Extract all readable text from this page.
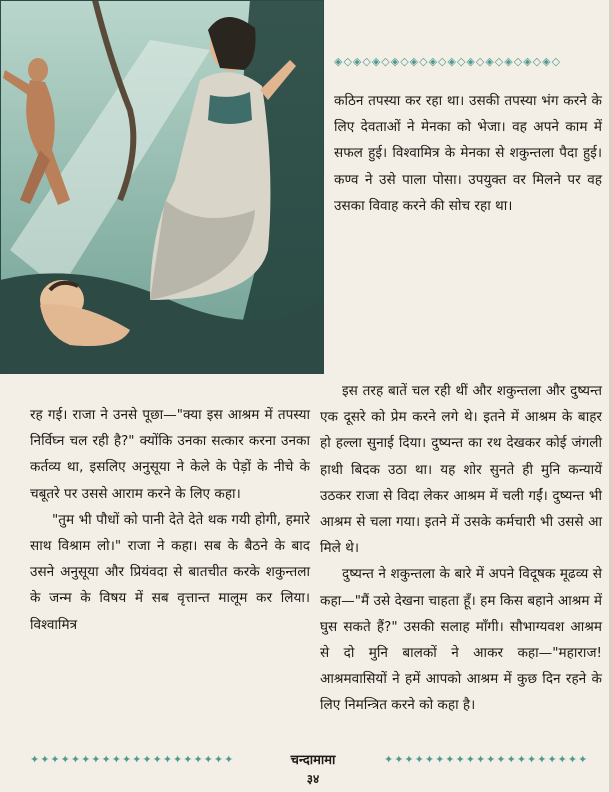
◈◇◈◇◈◇◈◇◈◇◈◇◈◇◈◇◈◇◈◇◈◇◈◇

कठिन तपस्या कर रहा था। उसकी तपस्या भंग करने के लिए देवताओं ने मेनका को भेजा। वह अपने काम में सफल हुई। विश्वामित्र के मेनका से शकुन्तला पैदा हुई। कण्व ने उसे पाला पोसा। उपयुक्त वर मिलने पर वह उसका विवाह करने की सोच रहा था।

इस तरह बातें चल रही थीं और शकुन्तला और दुष्यन्त एक दूसरे को प्रेम करने लगे थे। इतने में आश्रम के बाहर हो हल्ला सुनाई दिया। दुष्यन्त का रथ देखकर कोई जंगली हाथी बिदक उठा था। यह शोर सुनते ही मुनि कन्यायें उठकर राजा से विदा लेकर आश्रम में चली गईं। दुष्यन्त भी आश्रम से चला गया। इतने में उसके कर्मचारी भी उससे आ मिले थे।

दुष्यन्त ने शकुन्तला के बारे में अपने विदूषक मूढव्य से कहा—"मैं उसे देखना चाहता हूँ। हम किस बहाने आश्रम में घुस सकते हैं?" उसकी सलाह माँगी। सौभाग्यवश आश्रम से दो मुनि बालकों ने आकर कहा—"महाराज! आश्रमवासियों ने हमें आपको आश्रम में कुछ दिन रहने के लिए निमन्त्रित करने को कहा है।

रह गई। राजा ने उनसे पूछा—"क्या इस आश्रम में तपस्या निर्विघ्न चल रही है?" क्योंकि उनका सत्कार करना उनका कर्तव्य था, इसलिए अनुसूया ने केले के पेड़ों के नीचे के चबूतरे पर उससे आराम करने के लिए कहा।

"तुम भी पौधों को पानी देते देते थक गयी होगी, हमारे साथ विश्राम लो।" राजा ने कहा। सब के बैठने के बाद उसने अनुसूया और प्रियंवदा से बातचीत करके शकुन्तला के जन्म के विषय में सब वृत्तान्त मालूम कर लिया। विश्वामित्र

✦✦✦✦✦✦✦✦✦✦✦✦✦✦✦✦✦✦✦✦	✦✦✦✦✦✦✦✦✦✦✦✦✦✦✦✦✦✦✦✦
चन्दामामा
३४
